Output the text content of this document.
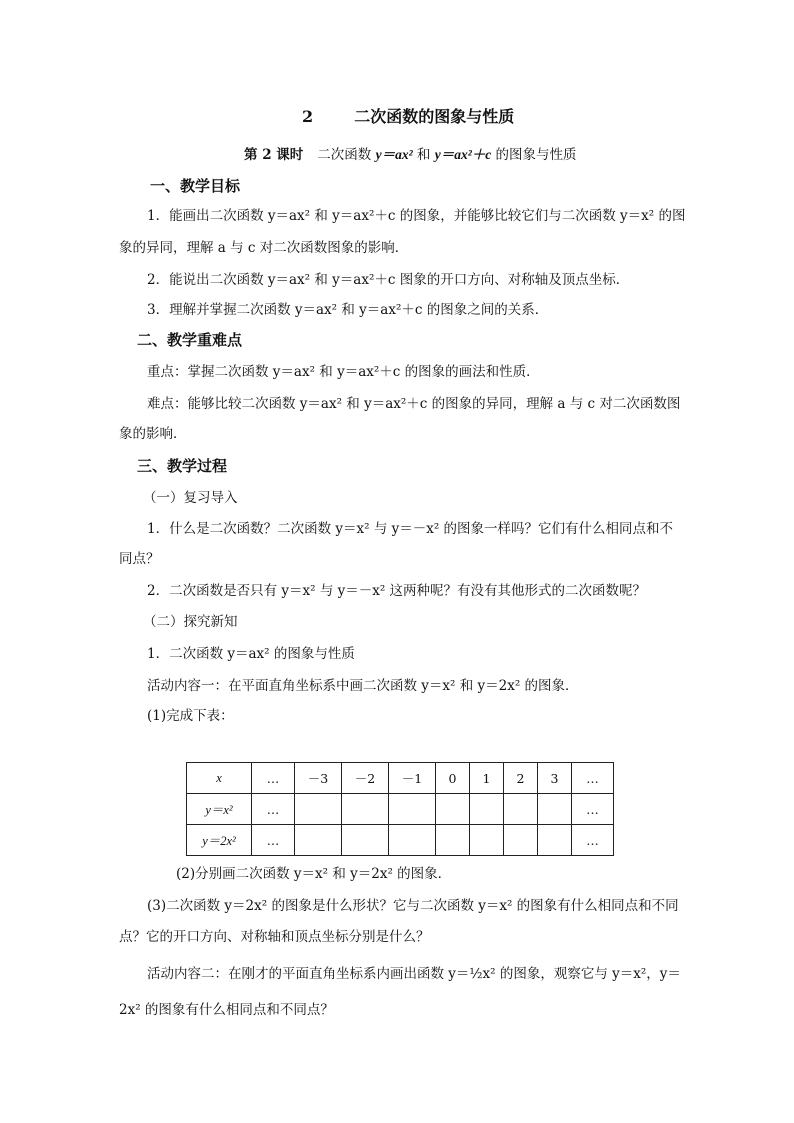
2	二次函数的图象与性质
第 2 课时 二次函数 y＝ax² 和 y＝ax²＋c 的图象与性质
一、教学目标
1．能画出二次函数 y＝ax² 和 y＝ax²＋c 的图象，并能够比较它们与二次函数 y＝x² 的图
象的异同，理解 a 与 c 对二次函数图象的影响．
2．能说出二次函数 y＝ax² 和 y＝ax²＋c 图象的开口方向、对称轴及顶点坐标．
3．理解并掌握二次函数 y＝ax² 和 y＝ax²＋c 的图象之间的关系．
二、教学重难点
重点：掌握二次函数 y＝ax² 和 y＝ax²＋c 的图象的画法和性质．
难点：能够比较二次函数 y＝ax² 和 y＝ax²＋c 的图象的异同，理解 a 与 c 对二次函数图
象的影响．
三、教学过程
（一）复习导入
1．什么是二次函数？二次函数 y＝x² 与 y＝－x² 的图象一样吗？它们有什么相同点和不
同点？
2．二次函数是否只有 y＝x² 与 y＝－x² 这两种呢？有没有其他形式的二次函数呢？
（二）探究新知
1．二次函数 y＝ax² 的图象与性质
活动内容一：在平面直角坐标系中画二次函数 y＝x² 和 y＝2x² 的图象．
(1)完成下表：
x	…	－3	－2	－1	0	1	2	3	…
y＝x²	…								…
y＝2x²	…								…
(2)分别画二次函数 y＝x² 和 y＝2x² 的图象．
(3)二次函数 y＝2x² 的图象是什么形状？它与二次函数 y＝x² 的图象有什么相同点和不同
点？它的开口方向、对称轴和顶点坐标分别是什么？
活动内容二：在刚才的平面直角坐标系内画出函数 y＝½x² 的图象，观察它与 y＝x²，y＝
2x² 的图象有什么相同点和不同点？
